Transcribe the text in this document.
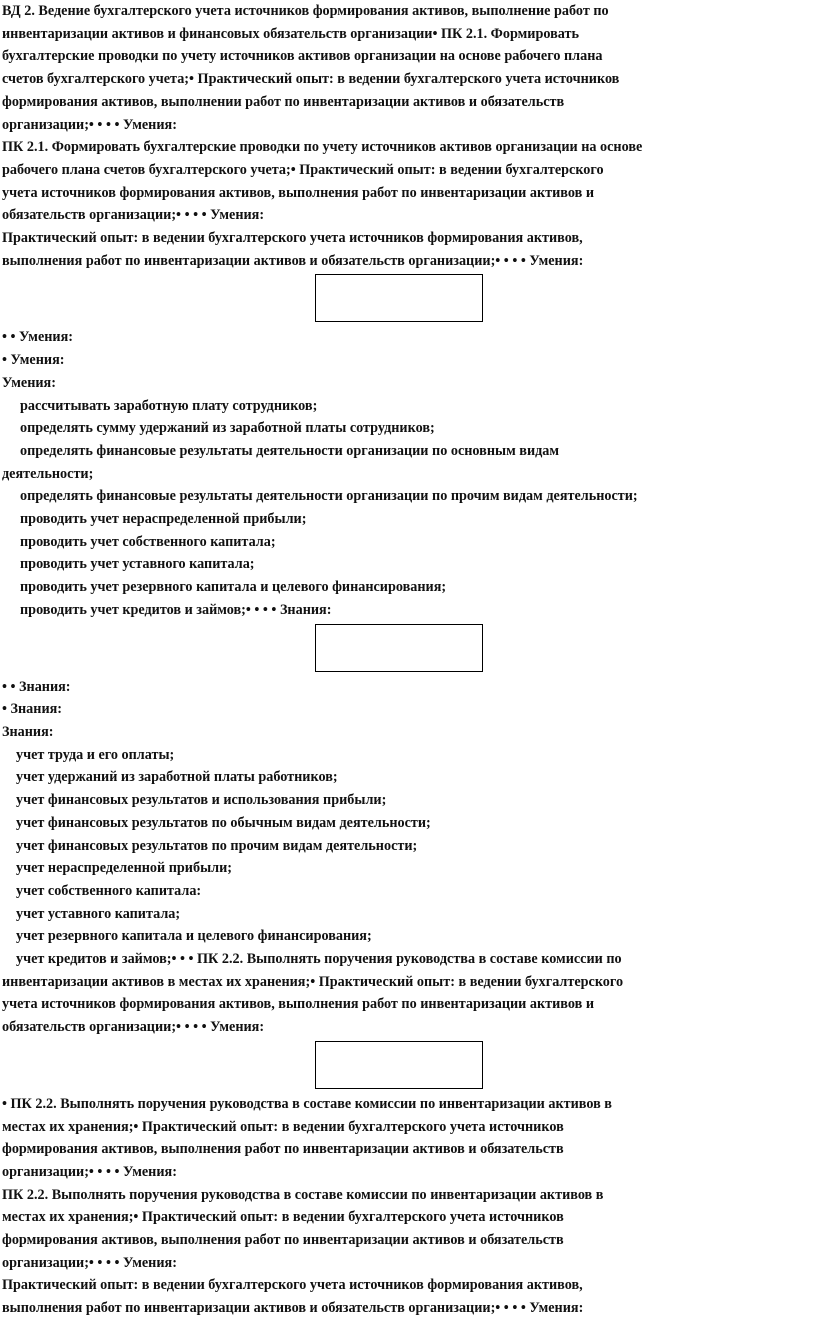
ВД 2. Ведение бухгалтерского учета источников формирования активов, выполнение работ по

инвентаризации активов и финансовых обязательств организации• ПК 2.1. Формировать

бухгалтерские проводки по учету источников активов организации на основе рабочего плана

счетов бухгалтерского учета;• Практический опыт: в ведении бухгалтерского учета источников

формирования активов, выполнении работ по инвентаризации активов и обязательств

организации;• • • • Умения:

ПК 2.1. Формировать бухгалтерские проводки по учету источников активов организации на основе

рабочего плана счетов бухгалтерского учета;• Практический опыт: в ведении бухгалтерского

учета источников формирования активов, выполнения работ по инвентаризации активов и

обязательств организации;• • • • Умения:

Практический опыт: в ведении бухгалтерского учета источников формирования активов,

выполнения работ по инвентаризации активов и обязательств организации;• • • • Умения:

• • Умения:

• Умения:

Умения:

рассчитывать заработную плату сотрудников;

определять сумму удержаний из заработной платы сотрудников;

определять финансовые результаты деятельности организации по основным видам

деятельности;

определять финансовые результаты деятельности организации по прочим видам деятельности;

проводить учет нераспределенной прибыли;

проводить учет собственного капитала;

проводить учет уставного капитала;

проводить учет резервного капитала и целевого финансирования;

проводить учет кредитов и займов;• • • • Знания:

• • Знания:

• Знания:

Знания:

учет труда и его оплаты;

учет удержаний из заработной платы работников;

учет финансовых результатов и использования прибыли;

учет финансовых результатов по обычным видам деятельности;

учет финансовых результатов по прочим видам деятельности;

учет нераспределенной прибыли;

учет собственного капитала:

учет уставного капитала;

учет резервного капитала и целевого финансирования;

учет кредитов и займов;• • • ПК 2.2. Выполнять поручения руководства в составе комиссии по

инвентаризации активов в местах их хранения;• Практический опыт: в ведении бухгалтерского

учета источников формирования активов, выполнения работ по инвентаризации активов и

обязательств организации;• • • • Умения:

• ПК 2.2. Выполнять поручения руководства в составе комиссии по инвентаризации активов в

местах их хранения;• Практический опыт: в ведении бухгалтерского учета источников

формирования активов, выполнения работ по инвентаризации активов и обязательств

организации;• • • • Умения:

ПК 2.2. Выполнять поручения руководства в составе комиссии по инвентаризации активов в

местах их хранения;• Практический опыт: в ведении бухгалтерского учета источников

формирования активов, выполнения работ по инвентаризации активов и обязательств

организации;• • • • Умения:

Практический опыт: в ведении бухгалтерского учета источников формирования активов,

выполнения работ по инвентаризации активов и обязательств организации;• • • • Умения:
